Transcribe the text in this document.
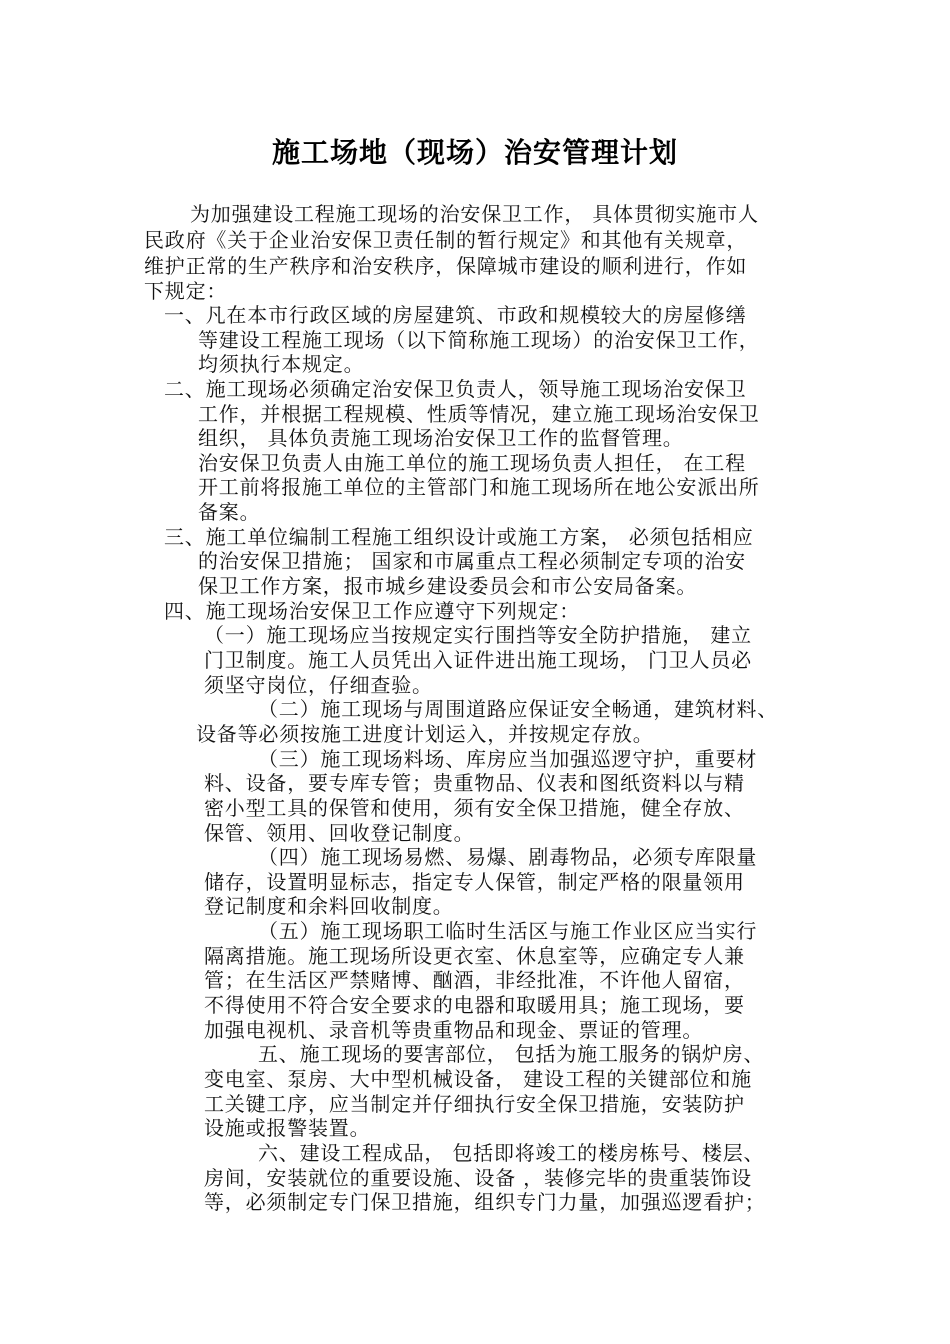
施工场地（现场）治安管理计划
为加强建设工程施工现场的治安保卫工作， 具体贯彻实施市人
民政府《关于企业治安保卫责任制的暂行规定》和其他有关规章，
维护正常的生产秩序和治安秩序，保障城市建设的顺利进行，作如
下规定：
一、凡在本市行政区域的房屋建筑、市政和规模较大的房屋修缮
等建设工程施工现场（以下简称施工现场）的治安保卫工作，
均须执行本规定。
二、施工现场必须确定治安保卫负责人，领导施工现场治安保卫
工作，并根据工程规模、性质等情况，建立施工现场治安保卫
组织， 具体负责施工现场治安保卫工作的监督管理。
治安保卫负责人由施工单位的施工现场负责人担任， 在工程
开工前将报施工单位的主管部门和施工现场所在地公安派出所
备案。
三、施工单位编制工程施工组织设计或施工方案， 必须包括相应
的治安保卫措施； 国家和市属重点工程必须制定专项的治安
保卫工作方案，报市城乡建设委员会和市公安局备案。
四、施工现场治安保卫工作应遵守下列规定：
（一）施工现场应当按规定实行围挡等安全防护措施， 建立
门卫制度。施工人员凭出入证件进出施工现场， 门卫人员必
须坚守岗位，仔细查验。
（二）施工现场与周围道路应保证安全畅通，建筑材料、
设备等必须按施工进度计划运入，并按规定存放。
（三）施工现场料场、库房应当加强巡逻守护，重要材
料、设备，要专库专管；贵重物品、仪表和图纸资料以与精
密小型工具的保管和使用，须有安全保卫措施，健全存放、
保管、领用、回收登记制度。
（四）施工现场易燃、易爆、剧毒物品，必须专库限量
储存，设置明显标志，指定专人保管，制定严格的限量领用
登记制度和余料回收制度。
（五）施工现场职工临时生活区与施工作业区应当实行
隔离措施。施工现场所设更衣室、休息室等，应确定专人兼
管；在生活区严禁赌博、酗酒，非经批准，不许他人留宿，
不得使用不符合安全要求的电器和取暖用具；施工现场，要
加强电视机、录音机等贵重物品和现金、票证的管理。
五、施工现场的要害部位， 包括为施工服务的锅炉房、
变电室、泵房、大中型机械设备， 建设工程的关键部位和施
工关键工序，应当制定并仔细执行安全保卫措施，安装防护
设施或报警装置。
六、建设工程成品， 包括即将竣工的楼房栋号、楼层、
房间，安装就位的重要设施、设备 ，装修完毕的贵重装饰设
等，必须制定专门保卫措施，组织专门力量，加强巡逻看护；
